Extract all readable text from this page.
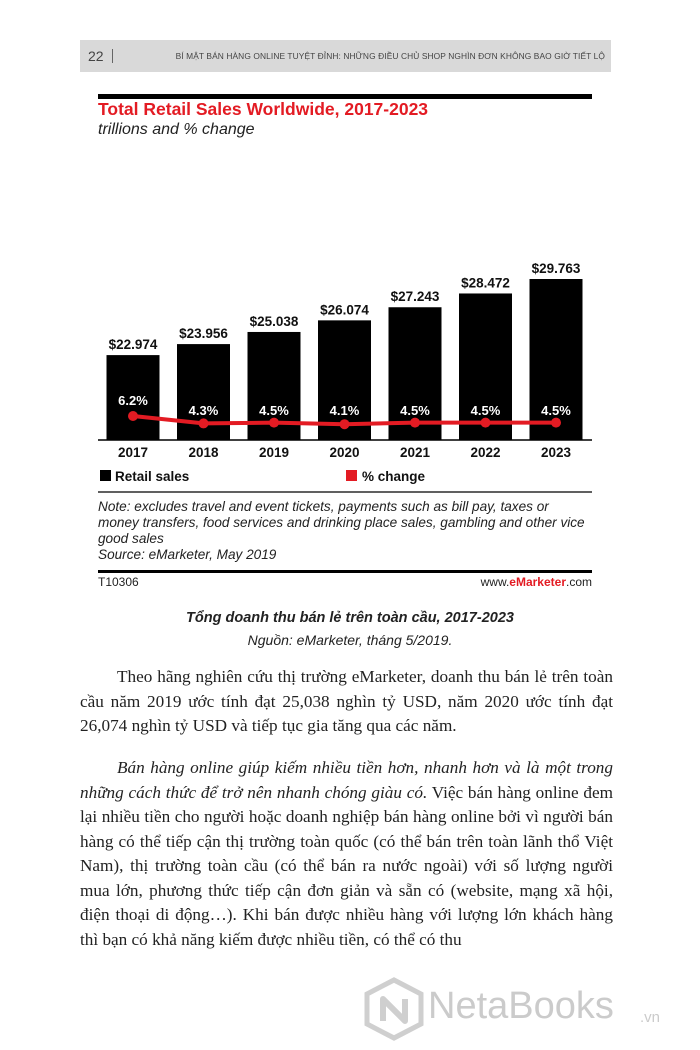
22	BÍ MẬT BÁN HÀNG ONLINE TUYỆT ĐỈNH: NHỮNG ĐIỀU CHỦ SHOP NGHÌN ĐƠN KHÔNG BAO GIỜ TIẾT LỘ
Total Retail Sales Worldwide, 2017-2023
trillions and % change
$22.974
$23.956
$25.038
$26.074
$27.243
$28.472
$29.763
6.2%
4.3%	4.5%	4.1%	4.5%	4.5%	4.5%
2017	2018	2019	2020	2021	2022	2023
Retail sales	% change
Note: excludes travel and event tickets, payments such as bill pay, taxes or money transfers, food services and drinking place sales, gambling and other vice good sales
Source: eMarketer, May 2019
T10306	www.eMarketer.com
Tổng doanh thu bán lẻ trên toàn cầu, 2017-2023
Nguồn: eMarketer, tháng 5/2019.

Theo hãng nghiên cứu thị trường eMarketer, doanh thu bán lẻ trên toàn cầu năm 2019 ước tính đạt 25,038 nghìn tỷ USD, năm 2020 ước tính đạt 26,074 nghìn tỷ USD và tiếp tục gia tăng qua các năm.

Bán hàng online giúp kiếm nhiều tiền hơn, nhanh hơn và là một trong những cách thức để trở nên nhanh chóng giàu có. Việc bán hàng online đem lại nhiều tiền cho người hoặc doanh nghiệp bán hàng online bởi vì người bán hàng có thể tiếp cận thị trường toàn quốc (có thể bán trên toàn lãnh thổ Việt Nam), thị trường toàn cầu (có thể bán ra nước ngoài) với số lượng người mua lớn, phương thức tiếp cận đơn giản và sẵn có (website, mạng xã hội, điện thoại di động…). Khi bán được nhiều hàng với lượng lớn khách hàng thì bạn có khả năng kiếm được nhiều tiền, có thể có thu

NetaBooks .vn
